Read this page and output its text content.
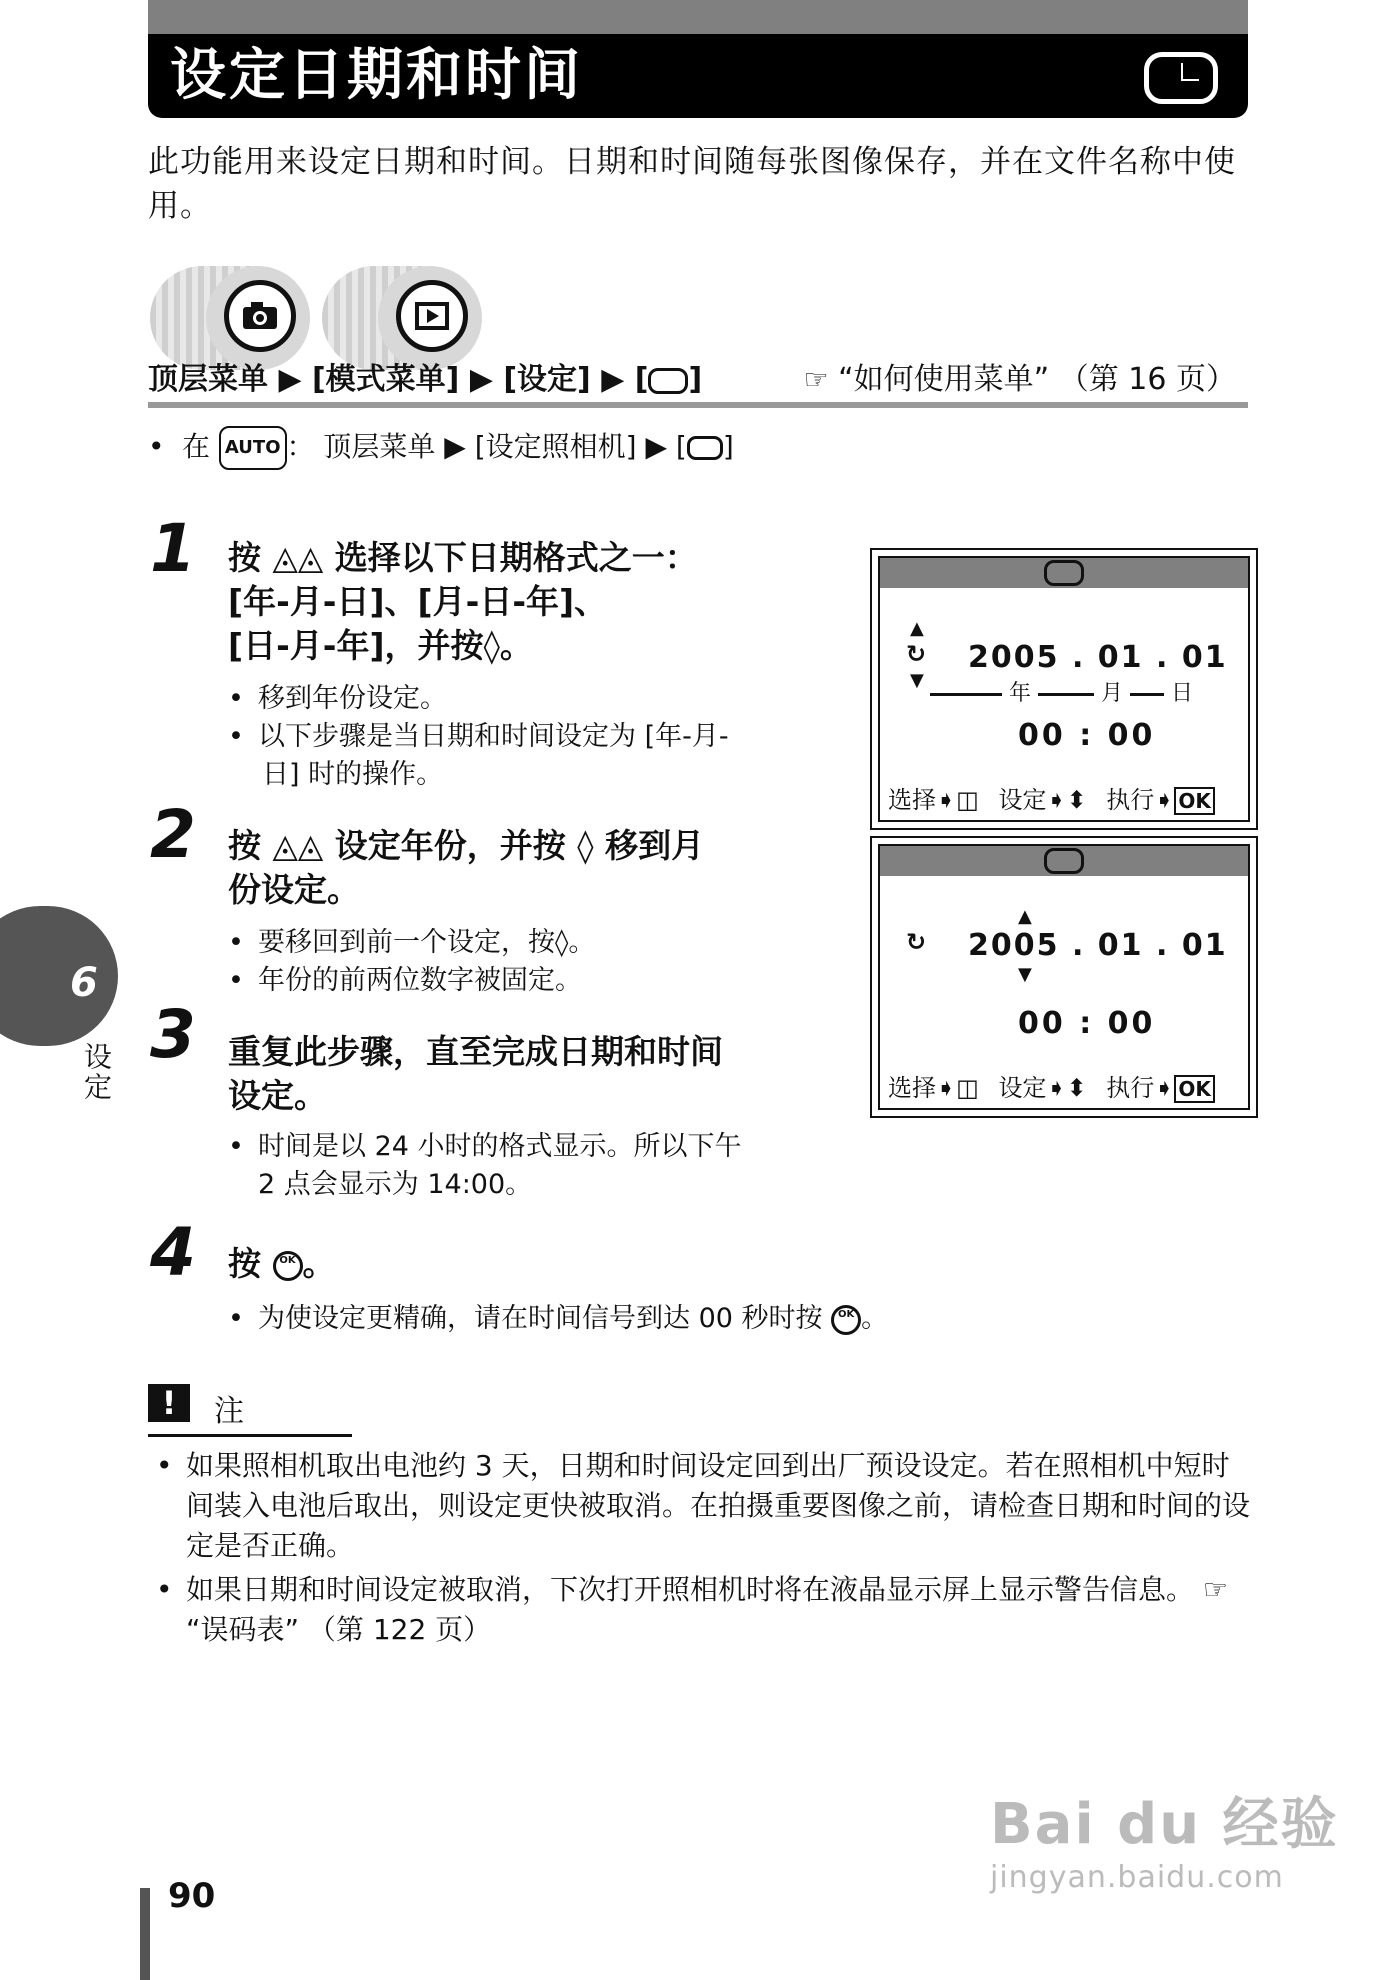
设定日期和时间
此功能用来设定日期和时间。日期和时间随每张图像保存，并在文件名称中使用。
顶层菜单 ▶ [模式菜单] ▶ [设定] ▶ [ ]	☞ “如何使用菜单” （第 16 页）
• 在 AUTO ： 顶层菜单 ▶ [设定照相机] ▶ [ ]
1 按 ◬◬ 选择以下日期格式之一：
[年-月-日]、[月-日-年]、
[日-月-年]，并按◊。
• 移到年份设定。
• 以下步骤是当日期和时间设定为 [年-月-
日] 时的操作。
2 按 ◬◬ 设定年份，并按 ◊ 移到月
份设定。
• 要移回到前一个设定，按◊。
• 年份的前两位数字被固定。
3 重复此步骤，直至完成日期和时间
设定。
• 时间是以 24 小时的格式显示。所以下午
2 点会显示为 14:00。
4 按 OK 。
• 为使设定更精确，请在时间信号到达 00 秒时按 OK 。
▲
↻
▼
2005 . 01 . 01
年	月 日
00 : 00
选择➧◫ 设定➧⬍ 执行➧ OK
↻
▲
2005 . 01 . 01
▼
00 : 00
选择➧◫ 设定➧⬍ 执行➧ OK
6
设定
!	注
• 如果照相机取出电池约 3 天，日期和时间设定回到出厂预设设定。若在照相机中短时间装入电池后取出，则设定更快被取消。在拍摄重要图像之前，请检查日期和时间的设定是否正确。
• 如果日期和时间设定被取消，下次打开照相机时将在液晶显示屏上显示警告信息。 ☞ “误码表” （第 122 页）
90
Bai du 经验
jingyan.baidu.com
